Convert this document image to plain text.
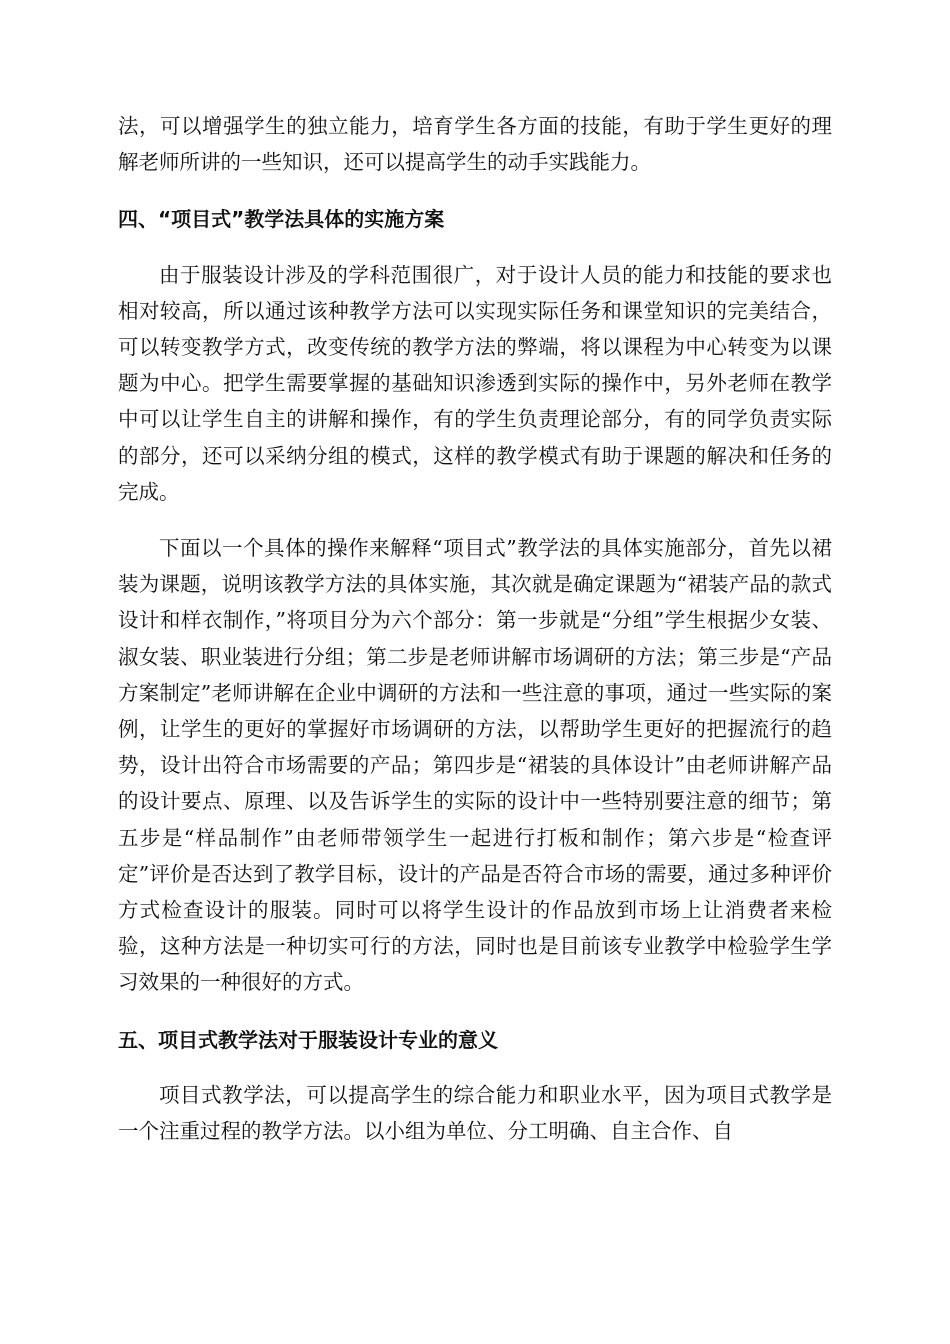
法，可以增强学生的独立能力，培育学生各方面的技能，有助于学生更好的理解老师所讲的一些知识，还可以提高学生的动手实践能力。

四、“项目式”教学法具体的实施方案

由于服装设计涉及的学科范围很广，对于设计人员的能力和技能的要求也相对较高，所以通过该种教学方法可以实现实际任务和课堂知识的完美结合，可以转变教学方式，改变传统的教学方法的弊端，将以课程为中心转变为以课题为中心。把学生需要掌握的基础知识渗透到实际的操作中，另外老师在教学中可以让学生自主的讲解和操作，有的学生负责理论部分，有的同学负责实际的部分，还可以采纳分组的模式，这样的教学模式有助于课题的解决和任务的完成。

下面以一个具体的操作来解释“项目式”教学法的具体实施部分，首先以裙装为课题，说明该教学方法的具体实施，其次就是确定课题为“裙装产品的款式设计和样衣制作，”将项目分为六个部分：第一步就是“分组”学生根据少女装、淑女装、职业装进行分组；第二步是老师讲解市场调研的方法；第三步是“产品方案制定”老师讲解在企业中调研的方法和一些注意的事项，通过一些实际的案例，让学生的更好的掌握好市场调研的方法，以帮助学生更好的把握流行的趋势，设计出符合市场需要的产品；第四步是“裙装的具体设计”由老师讲解产品的设计要点、原理、以及告诉学生的实际的设计中一些特别要注意的细节；第五步是“样品制作”由老师带领学生一起进行打板和制作；第六步是“检查评定”评价是否达到了教学目标，设计的产品是否符合市场的需要，通过多种评价方式检查设计的服装。同时可以将学生设计的作品放到市场上让消费者来检验，这种方法是一种切实可行的方法，同时也是目前该专业教学中检验学生学习效果的一种很好的方式。

五、项目式教学法对于服装设计专业的意义

项目式教学法，可以提高学生的综合能力和职业水平，因为项目式教学是一个注重过程的教学方法。以小组为单位、分工明确、自主合作、自
